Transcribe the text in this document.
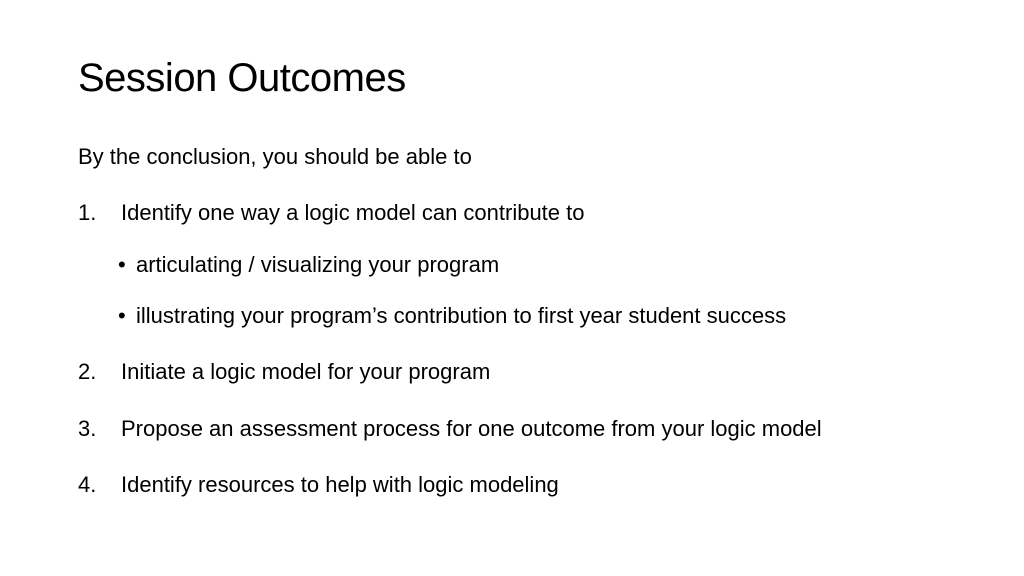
Session Outcomes
By the conclusion, you should be able to
1. Identify one way a logic model can contribute to
• articulating / visualizing your program
• illustrating your program’s contribution to first year student success
2. Initiate a logic model for your program
3. Propose an assessment process for one outcome from your logic model
4. Identify resources to help with logic modeling
